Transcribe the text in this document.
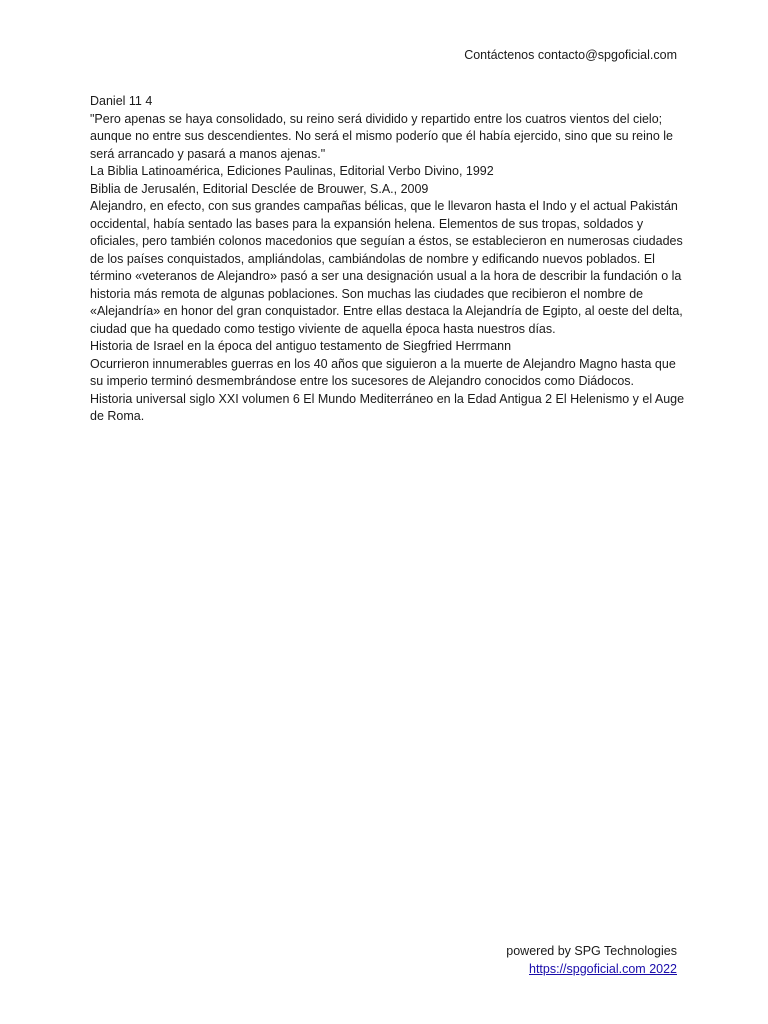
Contáctenos contacto@spgoficial.com

Daniel 11 4

"Pero apenas se haya consolidado, su reino será dividido y repartido entre los cuatros vientos del cielo; aunque no entre sus descendientes. No será el mismo poderío que él había ejercido, sino que su reino le será arrancado y pasará a manos ajenas."

La Biblia Latinoamérica, Ediciones Paulinas, Editorial Verbo Divino, 1992

Biblia de Jerusalén, Editorial Desclée de Brouwer, S.A., 2009

Alejandro, en efecto, con sus grandes campañas bélicas, que le llevaron hasta el Indo y el actual Pakistán occidental, había sentado las bases para la expansión helena. Elementos de sus tropas, soldados y oficiales, pero también colonos macedonios que seguían a éstos, se establecieron en numerosas ciudades de los países conquistados, ampliándolas, cambiándolas de nombre y edificando nuevos poblados. El término «veteranos de Alejandro» pasó a ser una designación usual a la hora de describir la fundación o la historia más remota de algunas poblaciones. Son muchas las ciudades que recibieron el nombre de «Alejandría» en honor del gran conquistador. Entre ellas destaca la Alejandría de Egipto, al oeste del delta, ciudad que ha quedado como testigo viviente de aquella época hasta nuestros días.

Historia de Israel en la época del antiguo testamento de Siegfried Herrmann

Ocurrieron innumerables guerras en los 40 años que siguieron a la muerte de Alejandro Magno hasta que su imperio terminó desmembrándose entre los sucesores de Alejandro conocidos como Diádocos.

Historia universal siglo XXI volumen 6 El Mundo Mediterráneo en la Edad Antigua 2 El Helenismo y el Auge de Roma.

powered by SPG Technologies
https://spgoficial.com 2022
